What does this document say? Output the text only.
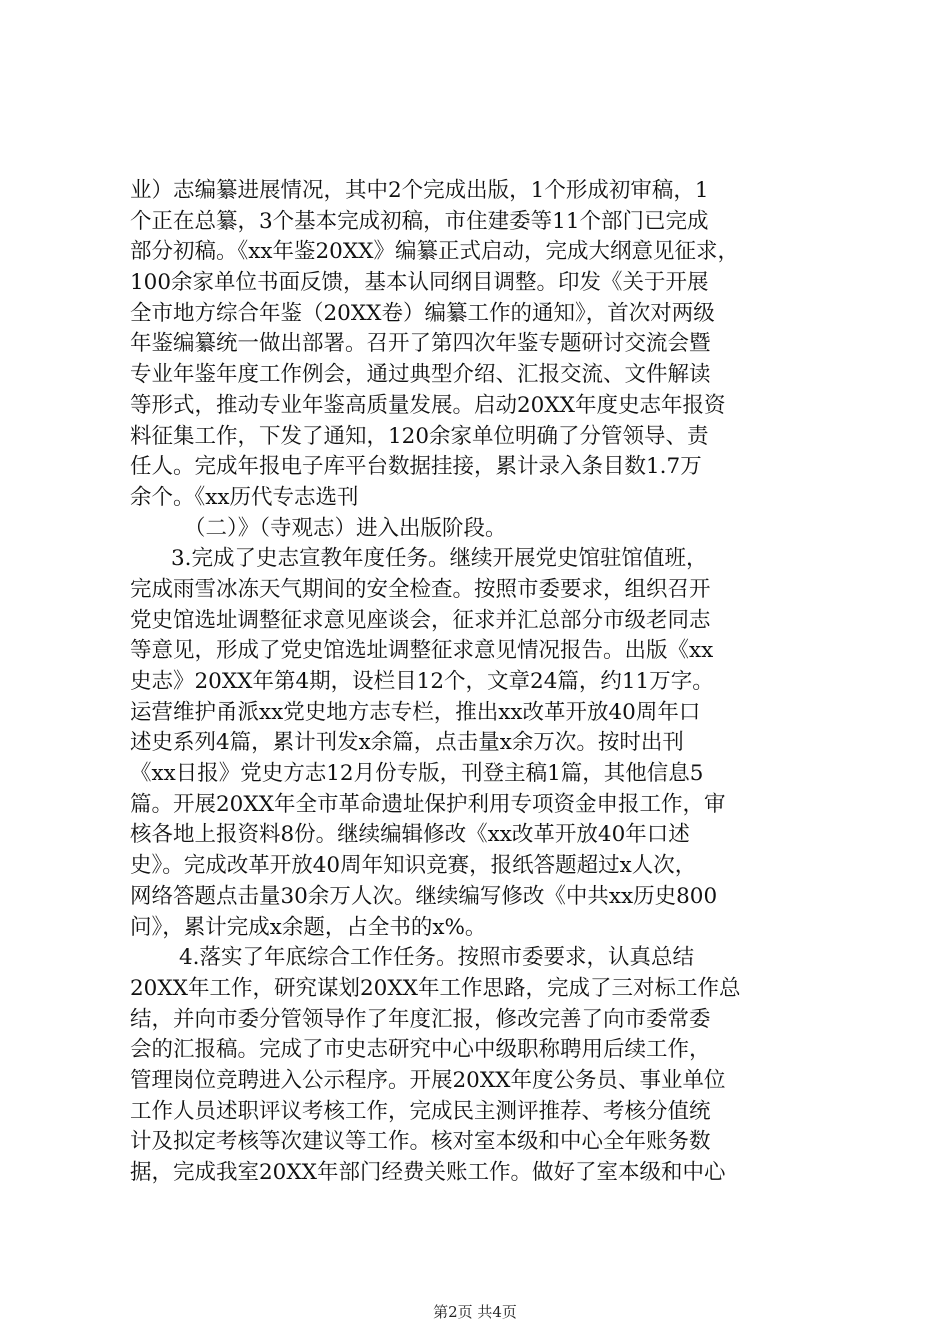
业）志编纂进展情况，其中2个完成出版，1个形成初审稿，1
个正在总纂，3个基本完成初稿，市住建委等11个部门已完成
部分初稿。《xx年鉴20XX》编纂正式启动，完成大纲意见征求，
100余家单位书面反馈，基本认同纲目调整。印发《关于开展
全市地方综合年鉴（20XX卷）编纂工作的通知》，首次对两级
年鉴编纂统一做出部署。召开了第四次年鉴专题研讨交流会暨
专业年鉴年度工作例会，通过典型介绍、汇报交流、文件解读
等形式，推动专业年鉴高质量发展。启动20XX年度史志年报资
料征集工作，下发了通知，120余家单位明确了分管领导、责
任人。完成年报电子库平台数据挂接，累计录入条目数1.7万
余个。《xx历代专志选刊
（二）》（寺观志）进入出版阶段。
3.完成了史志宣教年度任务。继续开展党史馆驻馆值班，
完成雨雪冰冻天气期间的安全检查。按照市委要求，组织召开
党史馆选址调整征求意见座谈会，征求并汇总部分市级老同志
等意见，形成了党史馆选址调整征求意见情况报告。出版《xx
史志》20XX年第4期，设栏目12个，文章24篇，约11万字。
运营维护甬派xx党史地方志专栏，推出xx改革开放40周年口
述史系列4篇，累计刊发x余篇，点击量x余万次。按时出刊
《xx日报》党史方志12月份专版，刊登主稿1篇，其他信息5
篇。开展20XX年全市革命遗址保护利用专项资金申报工作，审
核各地上报资料8份。继续编辑修改《xx改革开放40年口述
史》。完成改革开放40周年知识竞赛，报纸答题超过x人次，
网络答题点击量30余万人次。继续编写修改《中共xx历史800
问》，累计完成x余题，占全书的x%。
4.落实了年底综合工作任务。按照市委要求，认真总结
20XX年工作，研究谋划20XX年工作思路，完成了三对标工作总
结，并向市委分管领导作了年度汇报，修改完善了向市委常委
会的汇报稿。完成了市史志研究中心中级职称聘用后续工作，
管理岗位竞聘进入公示程序。开展20XX年度公务员、事业单位
工作人员述职评议考核工作，完成民主测评推荐、考核分值统
计及拟定考核等次建议等工作。核对室本级和中心全年账务数
据，完成我室20XX年部门经费关账工作。做好了室本级和中心
第2页 共4页
